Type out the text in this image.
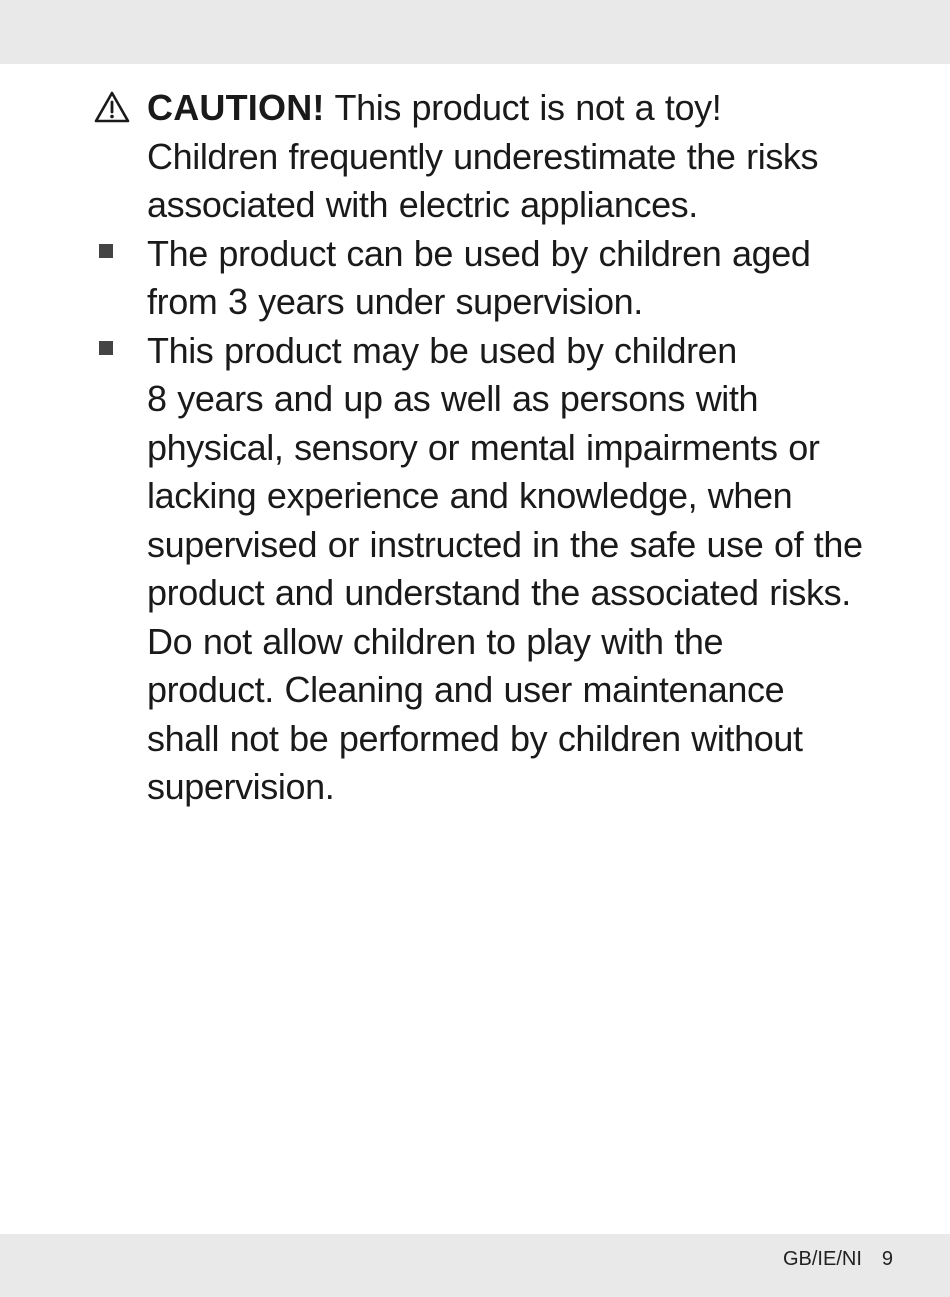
CAUTION! This product is not a toy!
Children frequently underestimate the risks
associated with electric appliances.
The product can be used by children aged
from 3 years under supervision.
This product may be used by children
8 years and up as well as persons with
physical, sensory or mental impairments or
lacking experience and knowledge, when
supervised or instructed in the safe use of the
product and understand the associated risks.
Do not allow children to play with the
product. Cleaning and user maintenance
shall not be performed by children without
supervision.
GB/IE/NI 9
